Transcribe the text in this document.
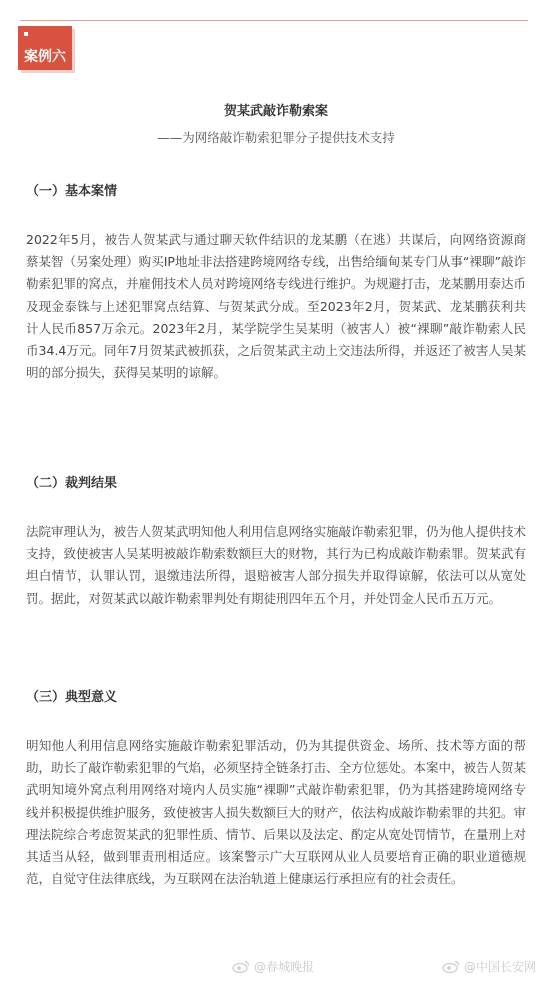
案例六
贺某武敲诈勒索案
——为网络敲诈勒索犯罪分子提供技术支持
（一）基本案情

2022年5月，被告人贺某武与通过聊天软件结识的龙某鹏（在逃）共谋后，向网络资源商蔡某智（另案处理）购买IP地址非法搭建跨境网络专线，出售给缅甸某专门从事“裸聊”敲诈勒索犯罪的窝点，并雇佣技术人员对跨境网络专线进行维护。为规避打击，龙某鹏用泰达币及现金泰铢与上述犯罪窝点结算、与贺某武分成。至2023年2月，贺某武、龙某鹏获利共计人民币857万余元。2023年2月，某学院学生吴某明（被害人）被“裸聊”敲诈勒索人民币34.4万元。同年7月贺某武被抓获，之后贺某武主动上交违法所得，并返还了被害人吴某明的部分损失，获得吴某明的谅解。

（二）裁判结果

法院审理认为，被告人贺某武明知他人利用信息网络实施敲诈勒索犯罪，仍为他人提供技术支持，致使被害人吴某明被敲诈勒索数额巨大的财物，其行为已构成敲诈勒索罪。贺某武有坦白情节，认罪认罚，退缴违法所得，退赔被害人部分损失并取得谅解，依法可以从宽处罚。据此，对贺某武以敲诈勒索罪判处有期徒刑四年五个月，并处罚金人民币五万元。

（三）典型意义

明知他人利用信息网络实施敲诈勒索犯罪活动，仍为其提供资金、场所、技术等方面的帮助，助长了敲诈勒索犯罪的气焰，必须坚持全链条打击、全方位惩处。本案中，被告人贺某武明知境外窝点利用网络对境内人员实施“裸聊”式敲诈勒索犯罪，仍为其搭建跨境网络专线并积极提供维护服务，致使被害人损失数额巨大的财产，依法构成敲诈勒索罪的共犯。审理法院综合考虑贺某武的犯罪性质、情节、后果以及法定、酌定从宽处罚情节，在量刑上对其适当从轻，做到罪责刑相适应。该案警示广大互联网从业人员要培育正确的职业道德规范，自觉守住法律底线，为互联网在法治轨道上健康运行承担应有的社会责任。

@春城晚报	@中国长安网
